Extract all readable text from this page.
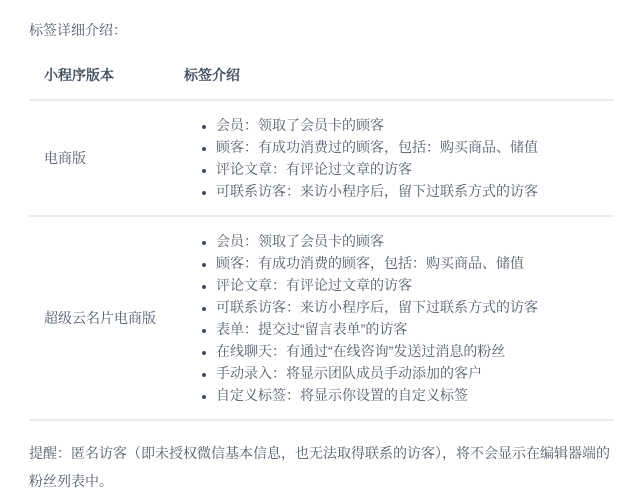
标签详细介绍：
小程序版本	标签介绍
电商版
• 会员：领取了会员卡的顾客
• 顾客：有成功消费过的顾客，包括：购买商品、储值
• 评论文章：有评论过文章的访客
• 可联系访客：来访小程序后，留下过联系方式的访客
超级云名片电商版
• 会员：领取了会员卡的顾客
• 顾客：有成功消费的顾客，包括：购买商品、储值
• 评论文章：有评论过文章的访客
• 可联系访客：来访小程序后，留下过联系方式的访客
• 表单：提交过“留言表单”的访客
• 在线聊天：有通过“在线咨询”发送过消息的粉丝
• 手动录入：将显示团队成员手动添加的客户
• 自定义标签：将显示你设置的自定义标签
提醒：匿名访客（即未授权微信基本信息，也无法取得联系的访客），将不会显示在编辑器端的粉丝列表中。
